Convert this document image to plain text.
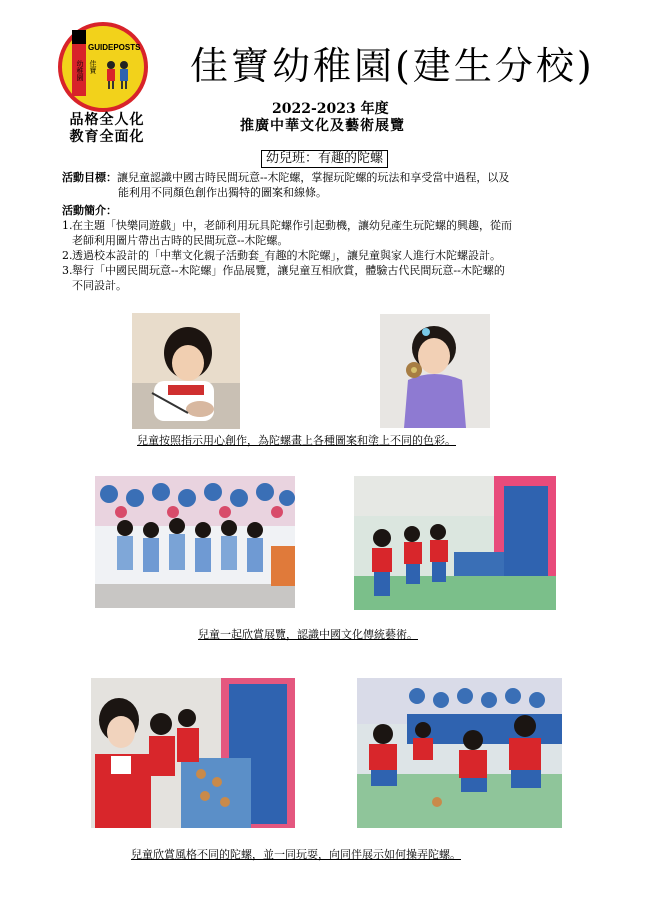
GUIDEPOSTS
幼稚園 佳寶
品格全人化
教育全面化
佳寶幼稚園(建生分校)
2022-2023 年度
推廣中華文化及藝術展覽
幼兒班：有趣的陀螺
活動目標：讓兒童認識中國古時民間玩意--木陀螺，掌握玩陀螺的玩法和享受當中過程，以及
能利用不同顏色創作出獨特的圖案和線條。
活動簡介：
1. 在主題「快樂同遊戲」中，老師利用玩具陀螺作引起動機，讓幼兒產生玩陀螺的興趣，從而
老師利用圖片帶出古時的民間玩意--木陀螺。
2. 透過校本設計的「中華文化親子活動套_有趣的木陀螺」，讓兒童與家人進行木陀螺設計。
3. 舉行「中國民間玩意--木陀螺」作品展覽，讓兒童互相欣賞，體驗古代民間玩意--木陀螺的
不同設計。
兒童按照指示用心創作，為陀螺畫上各種圖案和塗上不同的色彩。
兒童一起欣賞展覽，認識中國文化傳統藝術。
兒童欣賞風格不同的陀螺，並一同玩耍，向同伴展示如何操弄陀螺。
